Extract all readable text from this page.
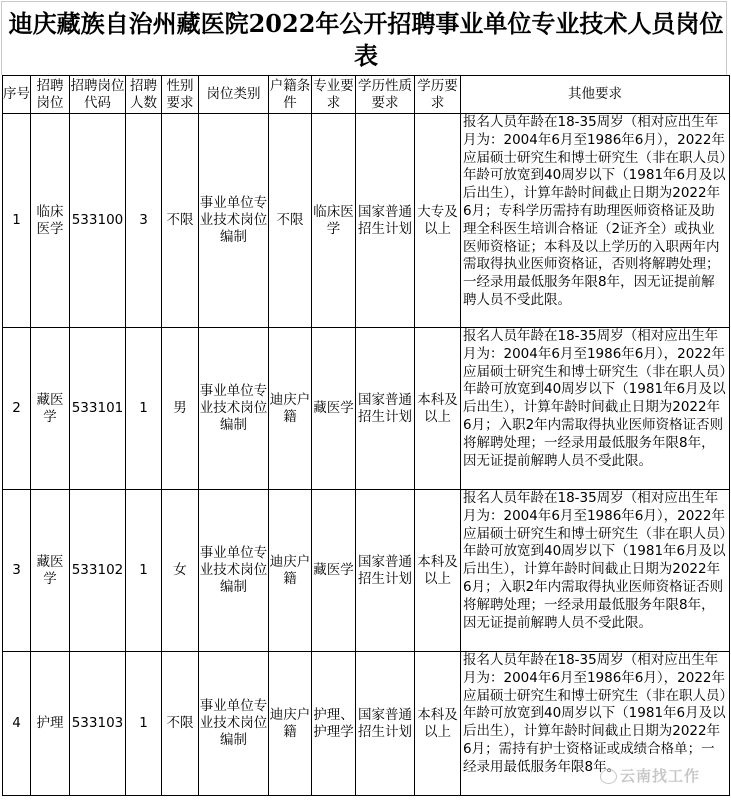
迪庆藏族自治州藏医院2022年公开招聘事业单位专业技术人员岗位表
序号	招聘岗位	招聘岗位代码	招聘人数	性别要求	岗位类别	户籍条件	专业要求	学历性质要求	学历要求	其他要求
1	临床医学	533100	3	不限	事业单位专业技术岗位编制	不限	临床医学	国家普通招生计划	大专及以上	报名人员年龄在18-35周岁（相对应出生年月为：2004年6月至1986年6月），2022年应届硕士研究生和博士研究生（非在职人员）年龄可放宽到40周岁以下（1981年6月及以后出生），计算年龄时间截止日期为2022年6月；专科学历需持有助理医师资格证及助理全科医生培训合格证（2证齐全）或执业医师资格证；本科及以上学历的入职两年内需取得执业医师资格证，否则将解聘处理；一经录用最低服务年限8年，因无证提前解聘人员不受此限。
2	藏医学	533101	1	男	事业单位专业技术岗位编制	迪庆户籍	藏医学	国家普通招生计划	本科及以上	报名人员年龄在18-35周岁（相对应出生年月为：2004年6月至1986年6月），2022年应届硕士研究生和博士研究生（非在职人员）年龄可放宽到40周岁以下（1981年6月及以后出生），计算年龄时间截止日期为2022年6月；入职2年内需取得执业医师资格证否则将解聘处理；一经录用最低服务年限8年，因无证提前解聘人员不受此限。
3	藏医学	533102	1	女	事业单位专业技术岗位编制	迪庆户籍	藏医学	国家普通招生计划	本科及以上	报名人员年龄在18-35周岁（相对应出生年月为：2004年6月至1986年6月），2022年应届硕士研究生和博士研究生（非在职人员）年龄可放宽到40周岁以下（1981年6月及以后出生），计算年龄时间截止日期为2022年6月；入职2年内需取得执业医师资格证否则将解聘处理；一经录用最低服务年限8年，因无证提前解聘人员不受此限。
4	护理	533103	1	不限	事业单位专业技术岗位编制	迪庆户籍	护理、护理学	国家普通招生计划	本科及以上	报名人员年龄在18-35周岁（相对应出生年月为：2004年6月至1986年6月），2022年应届硕士研究生和博士研究生（非在职人员）年龄可放宽到40周岁以下（1981年6月及以后出生），计算年龄时间截止日期为2022年6月；需持有护士资格证或成绩合格单；一经录用最低服务年限8年。
云南找工作
